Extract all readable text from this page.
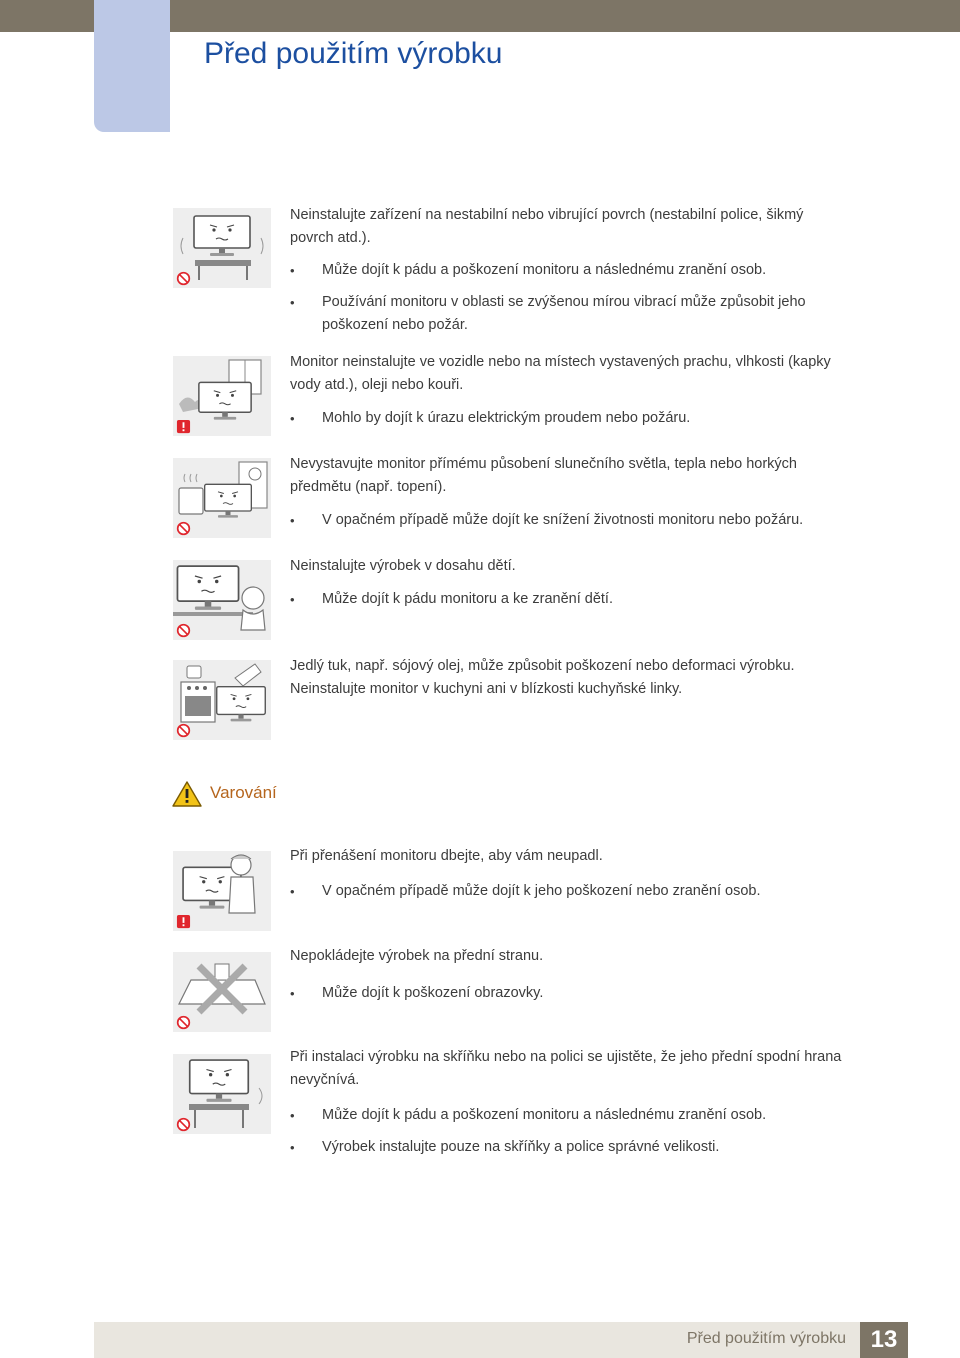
Před použitím výrobku

Neinstalujte zařízení na nestabilní nebo vibrující povrch (nestabilní police, šikmý povrch atd.).

• Může dojít k pádu a poškození monitoru a následnému zranění osob.
• Používání monitoru v oblasti se zvýšenou mírou vibrací může způsobit jeho poškození nebo požár.

Monitor neinstalujte ve vozidle nebo na místech vystavených prachu, vlhkosti (kapky vody atd.), oleji nebo kouři.

• Mohlo by dojít k úrazu elektrickým proudem nebo požáru.

Nevystavujte monitor přímému působení slunečního světla, tepla nebo horkých předmětu (např. topení).

• V opačném případě může dojít ke snížení životnosti monitoru nebo požáru.

Neinstalujte výrobek v dosahu dětí.

• Může dojít k pádu monitoru a ke zranění dětí.

Jedlý tuk, např. sójový olej, může způsobit poškození nebo deformaci výrobku. Neinstalujte monitor v kuchyni ani v blízkosti kuchyňské linky.

Varování

Při přenášení monitoru dbejte, aby vám neupadl.

• V opačném případě může dojít k jeho poškození nebo zranění osob.

Nepokládejte výrobek na přední stranu.

• Může dojít k poškození obrazovky.

Při instalaci výrobku na skříňku nebo na polici se ujistěte, že jeho přední spodní hrana nevyčnívá.

• Může dojít k pádu a poškození monitoru a následnému zranění osob.
• Výrobek instalujte pouze na skříňky a police správné velikosti.
Před použitím výrobku	13
